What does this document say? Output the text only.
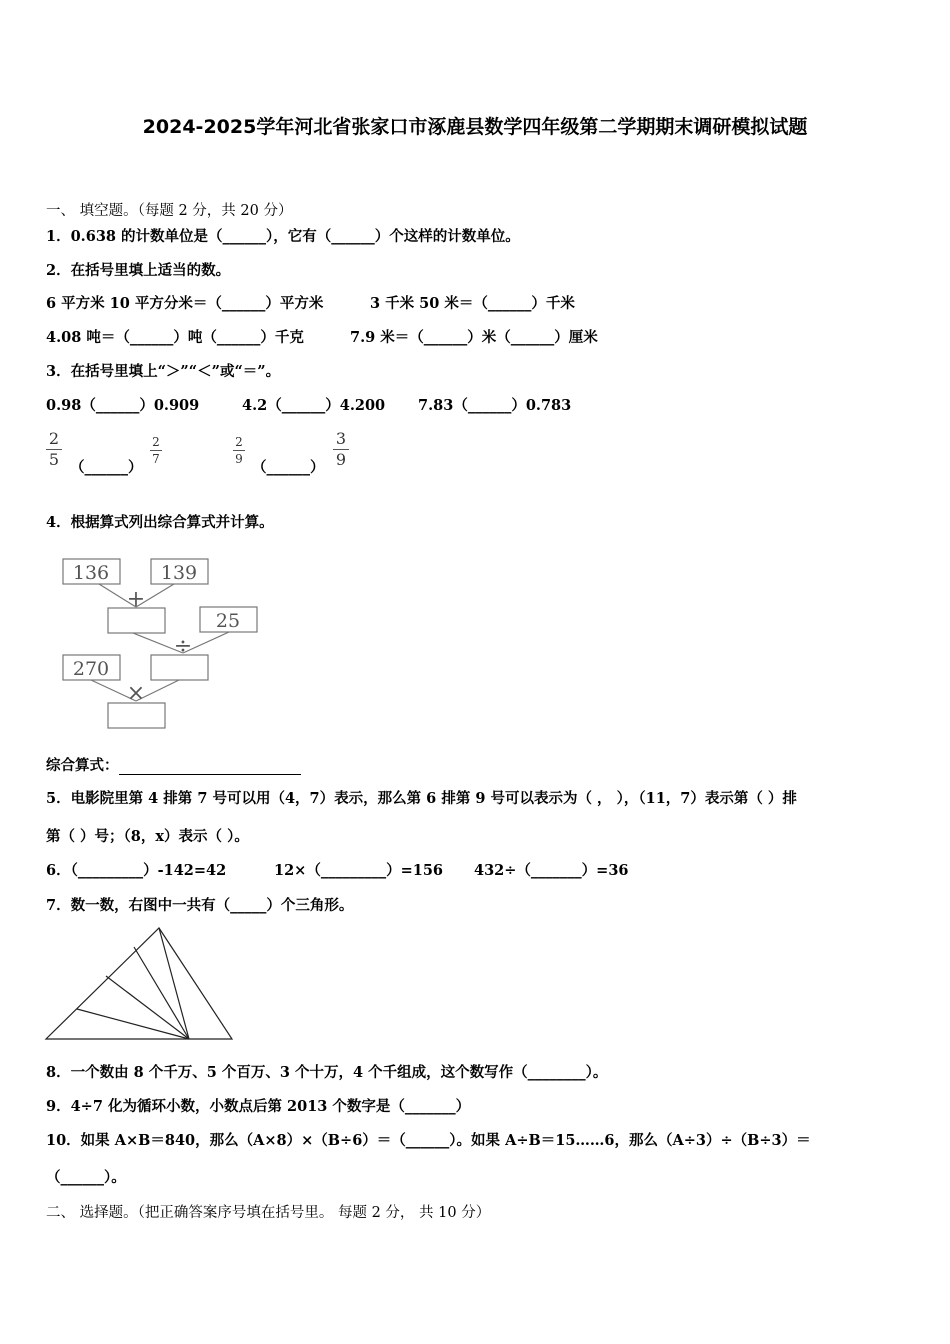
2024-2025学年河北省张家口市涿鹿县数学四年级第二学期期末调研模拟试题
一、 填空题。（每题 2 分，共 20 分）
1．0.638 的计数单位是（______），它有（______）个这样的计数单位。
2．在括号里填上适当的数。
6 平方米 10 平方分米＝（______）平方米	3 千米 50 米＝（______）千米
4.08 吨＝（______）吨（______）千克	7.9 米＝（______）米（______）厘米
3．在括号里填上“＞”“＜”或“＝”。
0.98（______）0.909	4.2（______）4.200 7.83（______）0.783
2
5 （______）
2
7
2
9 （______）
3
9
4．根据算式列出综合算式并计算。
136	139
+
25
÷
270
×
综合算式：
5．电影院里第 4 排第 7 号可以用（4，7）表示，那么第 6 排第 9 号可以表示为（ ， ），（11，7）表示第（ ）排
第（ ）号；（8，x）表示（ ）。
6．（_________）-142=42	12×（_________）=156 432÷（_______）=36
7．数一数，右图中一共有（_____）个三角形。
8．一个数由 8 个千万、5 个百万、3 个十万，4 个千组成，这个数写作（________）。
9．4÷7 化为循环小数，小数点后第 2013 个数字是（_______）
10．如果 A×B＝840，那么（A×8）×（B÷6）＝（______）。如果 A÷B＝15……6，那么（A÷3）÷（B÷3）＝
（______）。
二、 选择题。（把正确答案序号填在括号里。 每题 2 分， 共 10 分）
